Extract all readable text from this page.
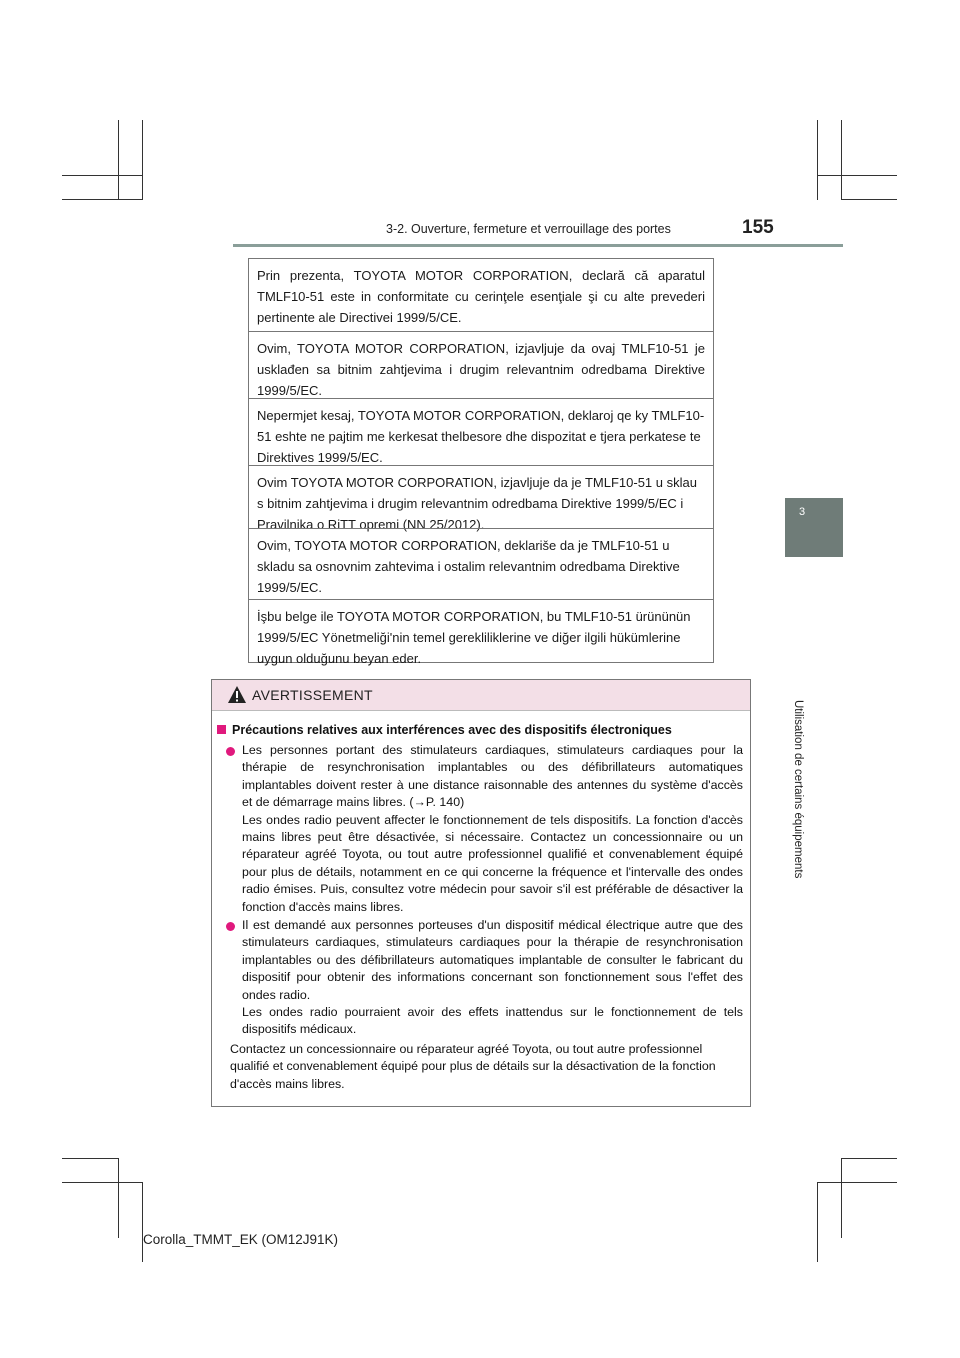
3-2. Ouverture, fermeture et verrouillage des portes	155
3
Utilisation de certains équipements
Prin prezenta, TOYOTA MOTOR CORPORATION, declară că aparatul TMLF10-51 este in conformitate cu cerinţele esenţiale şi cu alte prevederi pertinente ale Directivei 1999/5/CE.
Ovim, TOYOTA MOTOR CORPORATION, izjavljuje da ovaj TMLF10-51 je usklađen sa bitnim zahtjevima i drugim relevantnim odredbama Direktive 1999/5/EC.
Nepermjet kesaj, TOYOTA MOTOR CORPORATION, deklaroj qe ky TMLF10-51 eshte ne pajtim me kerkesat thelbesore dhe dispozitat e tjera perkatese te Direktives 1999/5/EC.
Ovim TOYOTA MOTOR CORPORATION, izjavljuje da je TMLF10-51 u sklau s bitnim zahtjevima i drugim relevantnim odredbama Direktive 1999/5/EC i Pravilnika o RiTT opremi (NN 25/2012).
Ovim, TOYOTA MOTOR CORPORATION, deklariše da je TMLF10-51 u skladu sa osnovnim zahtevima i ostalim relevantnim odredbama Direktive 1999/5/EC.
İşbu belge ile TOYOTA MOTOR CORPORATION, bu TMLF10-51 ürününün 1999/5/EC Yönetmeliği'nin temel gerekliliklerine ve diğer ilgili hükümlerine uygun olduğunu beyan eder.
AVERTISSEMENT
Précautions relatives aux interférences avec des dispositifs électroniques

Les personnes portant des stimulateurs cardiaques, stimulateurs cardiaques pour la thérapie de resynchronisation implantables ou des défibrillateurs automatiques implantables doivent rester à une distance raisonnable des antennes du système d'accès et de démarrage mains libres. (→P. 140)

Les ondes radio peuvent affecter le fonctionnement de tels dispositifs. La fonction d'accès mains libres peut être désactivée, si nécessaire. Contactez un concessionnaire ou un réparateur agréé Toyota, ou tout autre professionnel qualifié et convenablement équipé pour plus de détails, notamment en ce qui concerne la fréquence et l'intervalle des ondes radio émises. Puis, consultez votre médecin pour savoir s'il est préférable de désactiver la fonction d'accès mains libres.

Il est demandé aux personnes porteuses d'un dispositif médical électrique autre que des stimulateurs cardiaques, stimulateurs cardiaques pour la thérapie de resynchronisation implantables ou des défibrillateurs automatiques implantable de consulter le fabricant du dispositif pour obtenir des informations concernant son fonctionnement sous l'effet des ondes radio.

Les ondes radio pourraient avoir des effets inattendus sur le fonctionnement de tels dispositifs médicaux.

Contactez un concessionnaire ou réparateur agréé Toyota, ou tout autre professionnel qualifié et convenablement équipé pour plus de détails sur la désactivation de la fonction d'accès mains libres.

Corolla_TMMT_EK (OM12J91K)
